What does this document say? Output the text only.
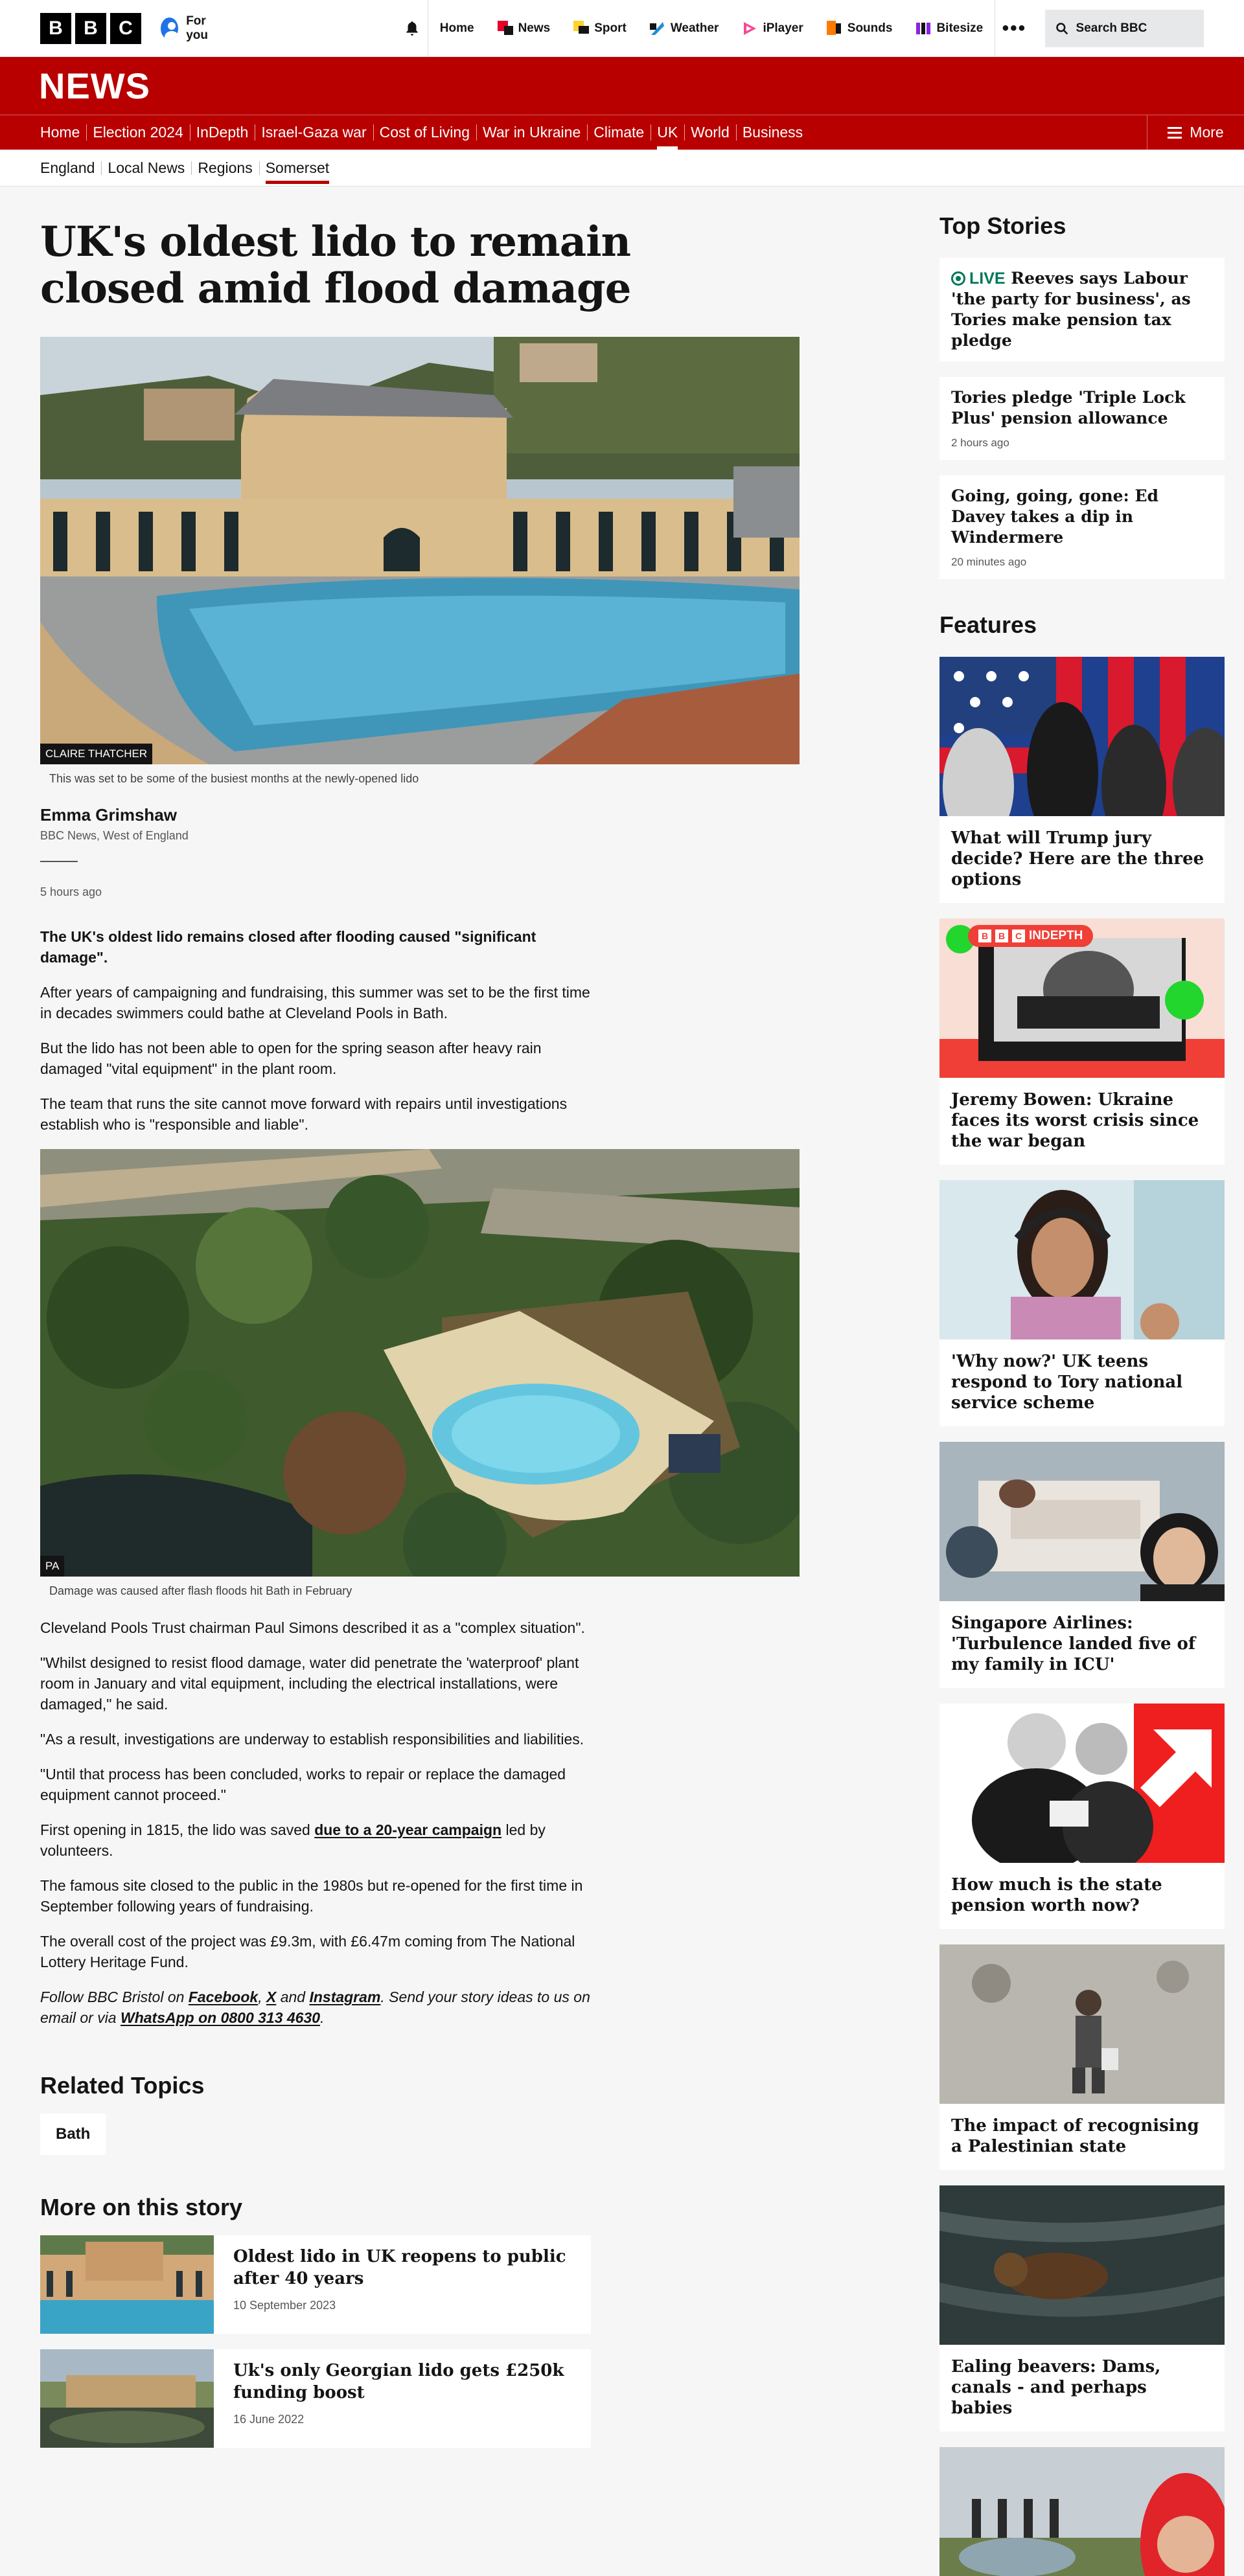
B	B	C	For you
Home	News	Sport	Weather	iPlayer	Sounds	Bitesize •••	Search BBC
NEWS
Home Election 2024 InDepth Israel-Gaza war Cost of Living War in Ukraine Climate UK World Business	More
England Local News Regions Somerset
UK's oldest lido to remain closed amid flood damage
CLAIRE THATCHER
This was set to be some of the busiest months at the newly-opened lido
Emma Grimshaw
BBC News, West of England
5 hours ago

The UK's oldest lido remains closed after flooding caused "significant damage".

After years of campaigning and fundraising, this summer was set to be the first time in decades swimmers could bathe at Cleveland Pools in Bath.

But the lido has not been able to open for the spring season after heavy rain damaged "vital equipment" in the plant room.

The team that runs the site cannot move forward with repairs until investigations establish who is "responsible and liable".

PA
Damage was caused after flash floods hit Bath in February

Cleveland Pools Trust chairman Paul Simons described it as a "complex situation".

"Whilst designed to resist flood damage, water did penetrate the 'waterproof' plant room in January and vital equipment, including the electrical installations, were damaged," he said.

"As a result, investigations are underway to establish responsibilities and liabilities.

"Until that process has been concluded, works to repair or replace the damaged equipment cannot proceed."

First opening in 1815, the lido was saved due to a 20-year campaign led by volunteers.

The famous site closed to the public in the 1980s but re-opened for the first time in September following years of fundraising.

The overall cost of the project was £9.3m, with £6.47m coming from The National Lottery Heritage Fund.

Follow BBC Bristol on Facebook, X and Instagram. Send your story ideas to us on email or via WhatsApp on 0800 313 4630.

Related Topics
Bath
More on this story
Oldest lido in UK reopens to public after 40 years
10 September 2023
Uk's only Georgian lido gets £250k funding boost
16 June 2022
Top Stories
LIVE Reeves says Labour 'the party for business', as Tories make pension tax pledge
Tories pledge 'Triple Lock Plus' pension allowance
2 hours ago
Going, going, gone: Ed Davey takes a dip in Windermere
20 minutes ago
Features
What will Trump jury decide? Here are the three options
B	B	C INDEPTH
Jeremy Bowen: Ukraine faces its worst crisis since the war began
'Why now?' UK teens respond to Tory national service scheme
Singapore Airlines: 'Turbulence landed five of my family in ICU'
How much is the state pension worth now?
The impact of recognising a Palestinian state
Ealing beavers: Dams, canals - and perhaps babies
